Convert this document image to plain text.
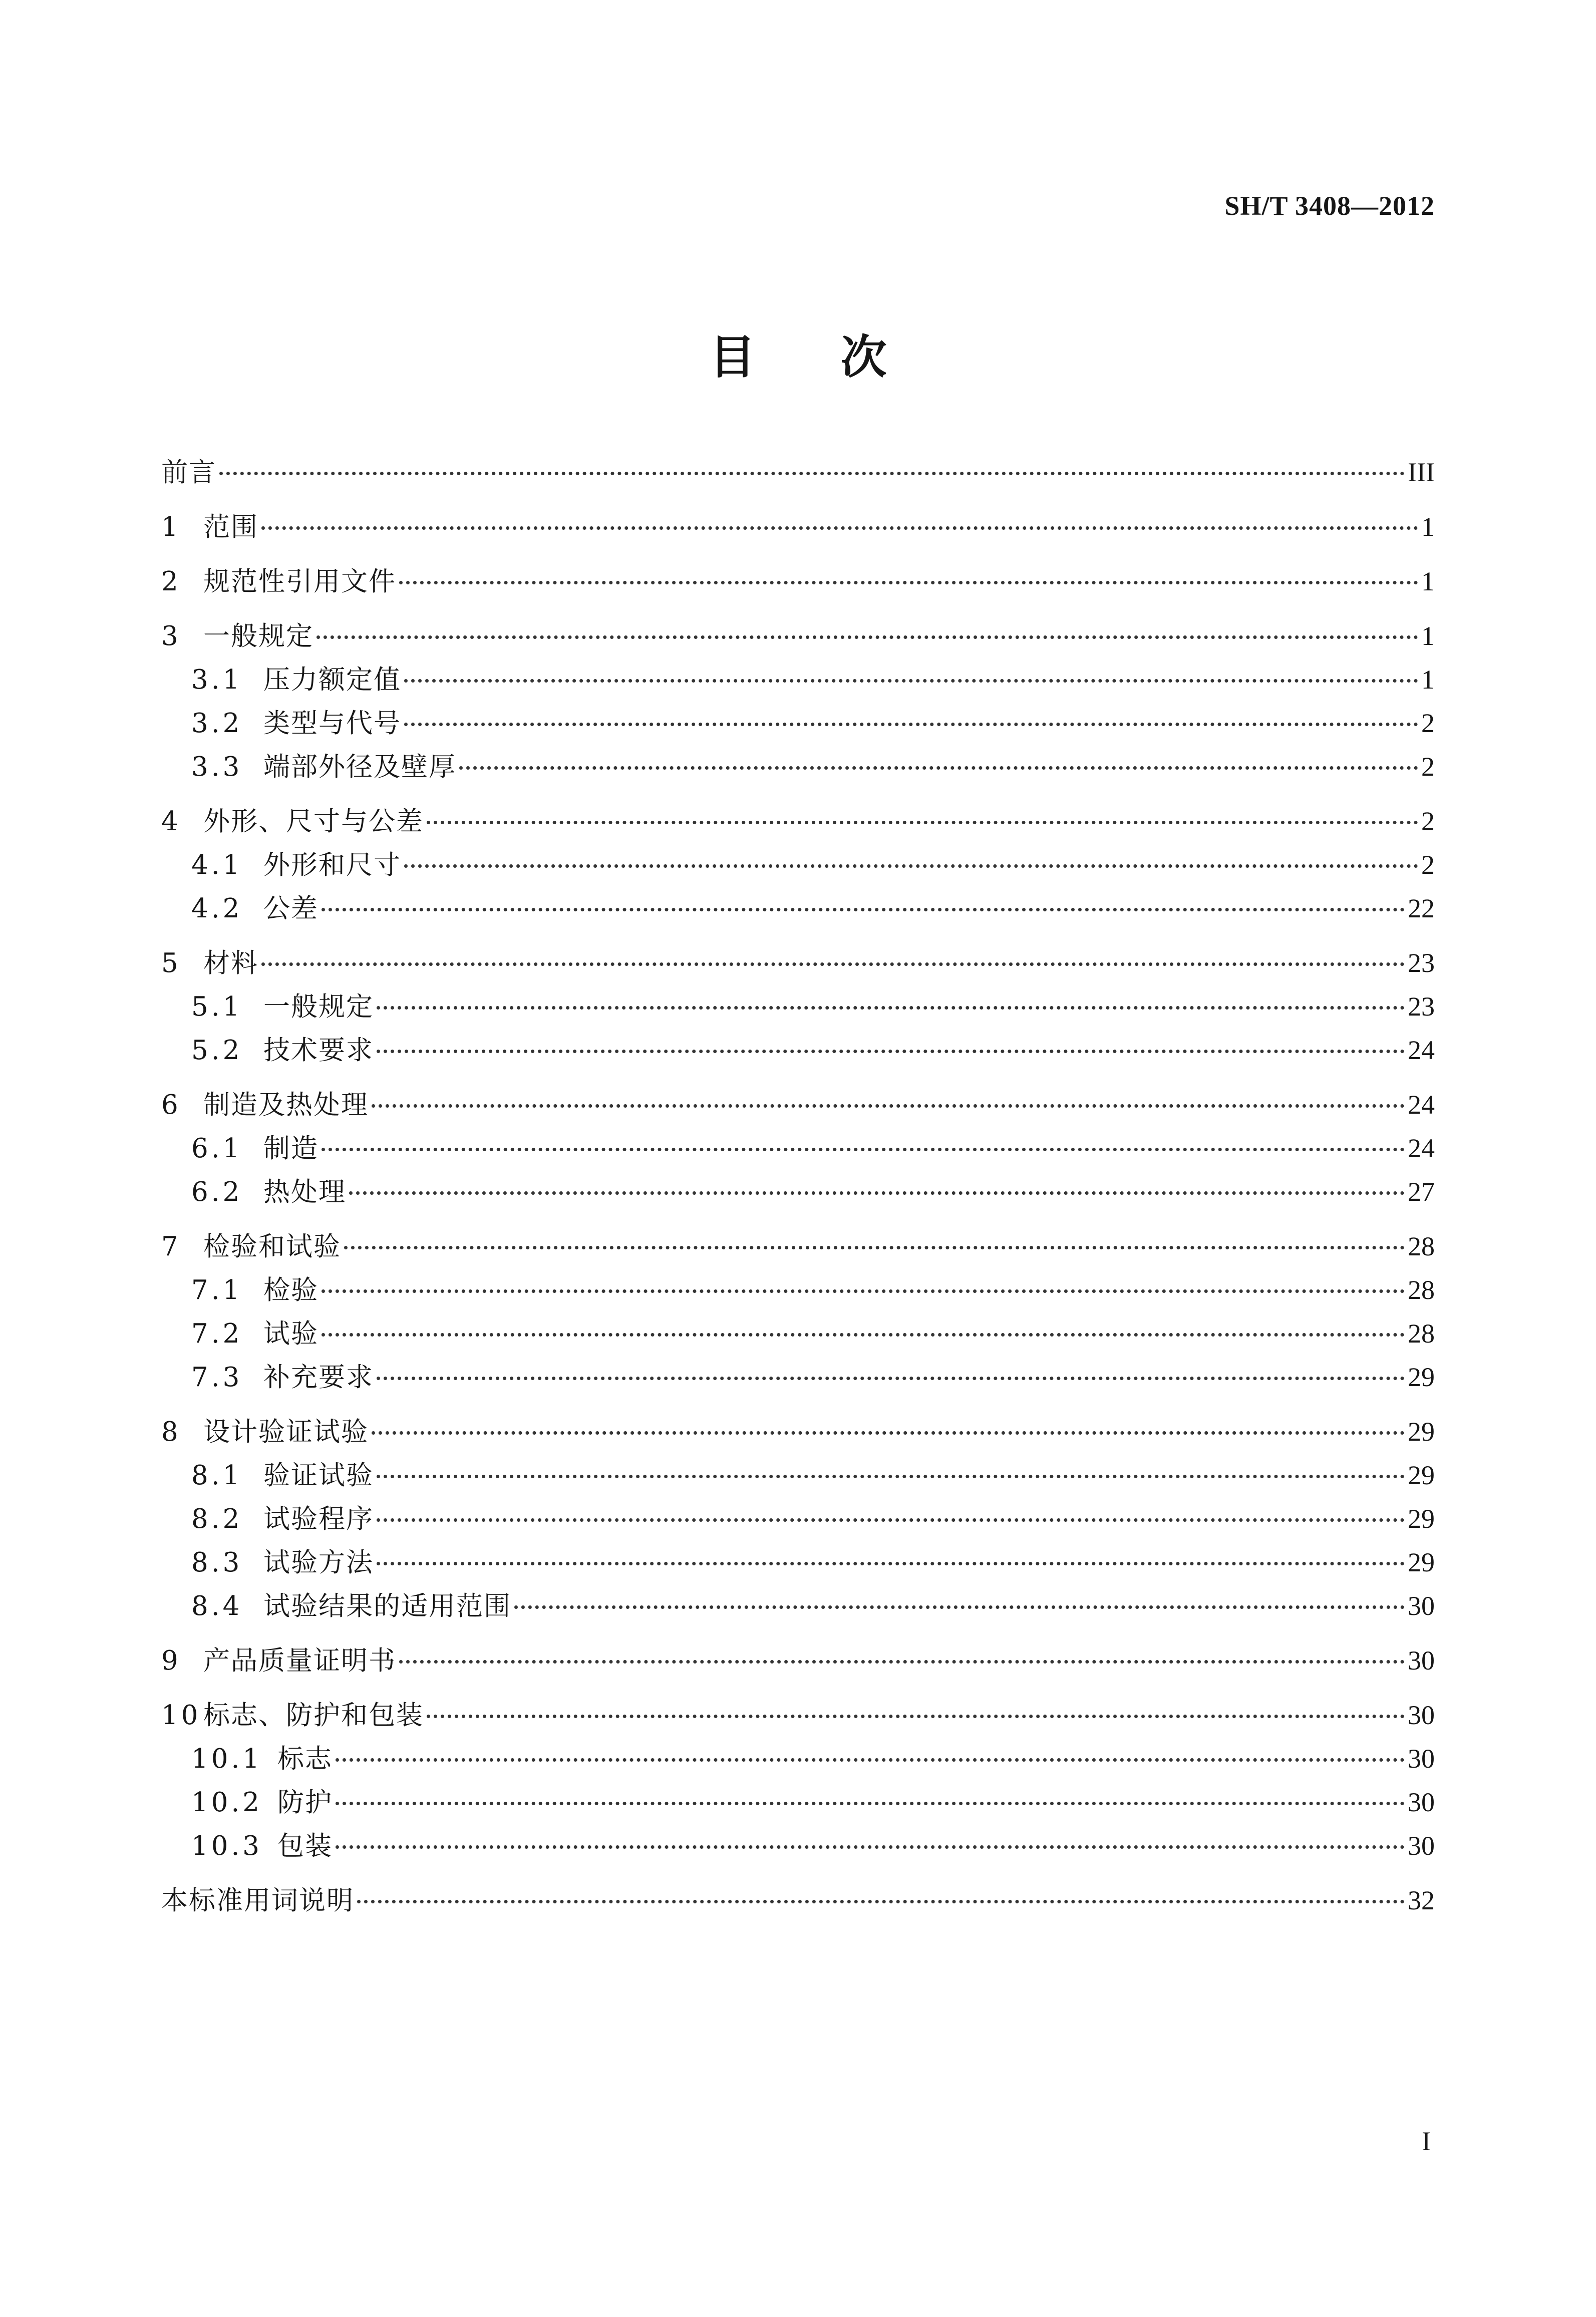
SH/T 3408—2012
目次
前言	III
1 范围	1
2 规范性引用文件	1
3 一般规定	1
3.1 压力额定值	1
3.2 类型与代号	2
3.3 端部外径及壁厚	2
4 外形、尺寸与公差	2
4.1 外形和尺寸	2
4.2 公差	22
5 材料	23
5.1 一般规定	23
5.2 技术要求	24
6 制造及热处理	24
6.1 制造	24
6.2 热处理	27
7 检验和试验	28
7.1 检验	28
7.2 试验	28
7.3 补充要求	29
8 设计验证试验	29
8.1 验证试验	29
8.2 试验程序	29
8.3 试验方法	29
8.4 试验结果的适用范围	30
9 产品质量证明书	30
10 标志、防护和包装	30
10.1 标志	30
10.2 防护	30
10.3 包装	30
本标准用词说明	32
I
